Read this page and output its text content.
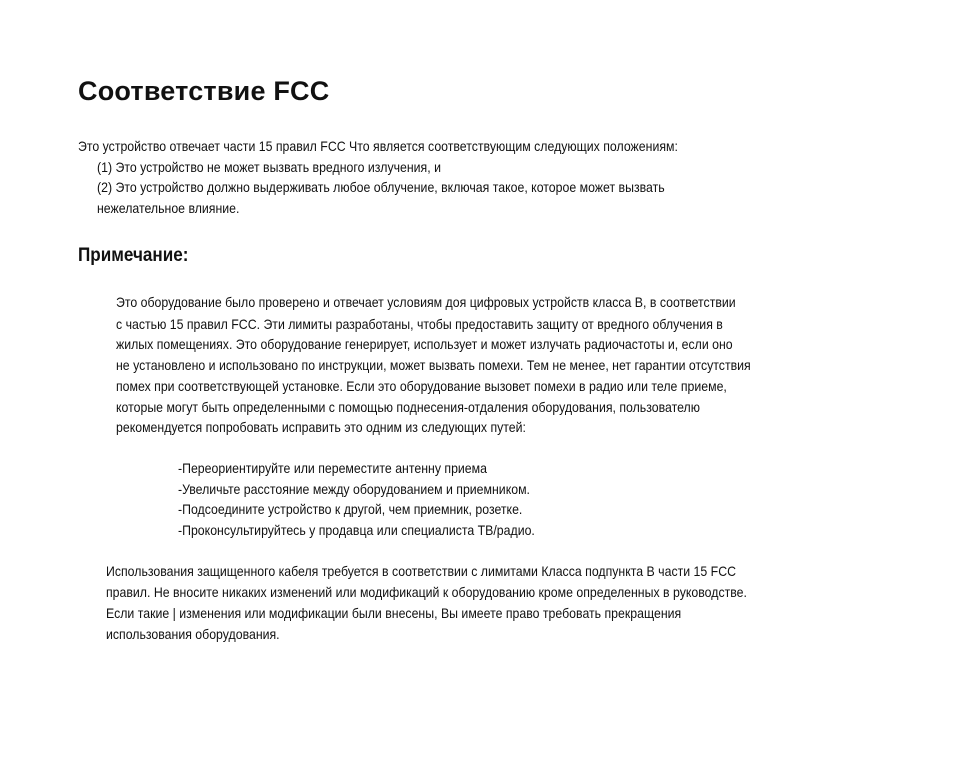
Соответствие FCC
Это устройство отвечает части 15 правил FCC Что является соответствующим следующих положениям:
(1) Это устройство не может вызвать вредного излучения, и
(2) Это устройство должно выдерживать любое облучение, включая такое, которое может вызвать
нежелательное влияние.
Примечание:
Это оборудование было проверено и отвечает условиям доя цифровых устройств класса B, в соответствии
с частью 15 правил FCC. Эти лимиты разработаны, чтобы предоставить защиту от вредного облучения в
жилых помещениях. Это оборудование генерирует, использует и может излучать радиочастоты и, если оно
не установлено и использовано по инструкции, может вызвать помехи. Тем не менее, нет гарантии отсутствия
помех при соответствующей установке. Если это оборудование вызовет помехи в радио или теле приеме,
которые могут быть определенными с помощью поднесения-отдаления оборудования, пользователю
рекомендуется попробовать исправить это одним из следующих путей:
-Переориентируйте или переместите антенну приема
-Увеличьте расстояние между оборудованием и приемником.
-Подсоедините устройство к другой, чем приемник, розетке.
-Проконсультируйтесь у продавца или специалиста ТВ/радио.
Использования защищенного кабеля требуется в соответствии с лимитами Класса подпункта B части 15 FCC
правил. Не вносите никаких изменений или модификаций к оборудованию кроме определенных в руководстве.
Если такие | изменения или модификации были внесены, Вы имеете право требовать прекращения
использования оборудования.
